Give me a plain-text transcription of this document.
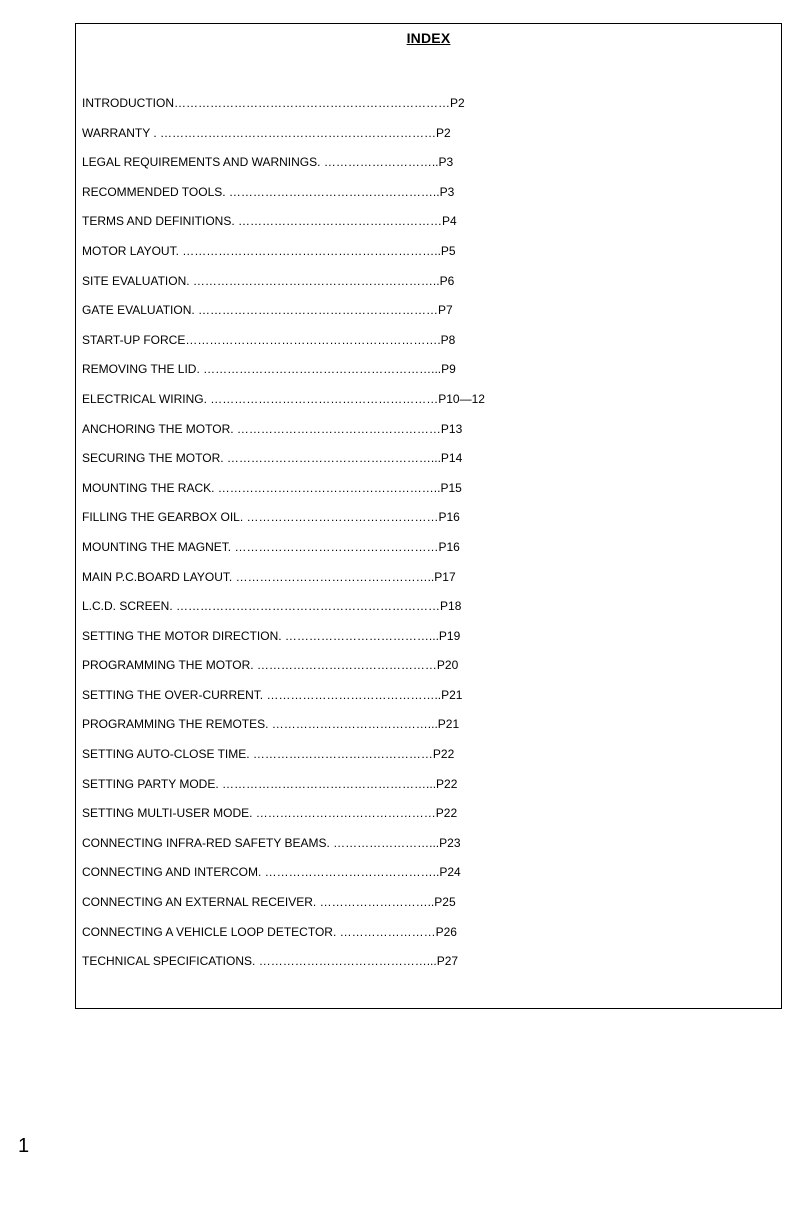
INDEX
INTRODUCTION……………………………………………………………P2
WARRANTY . ……………………………………………………………P2
LEGAL REQUIREMENTS AND WARNINGS. ………………………..P3
RECOMMENDED TOOLS. ……………………………………………..P3
TERMS AND DEFINITIONS. ……………………………………………P4
MOTOR LAYOUT. ………………………………………………………..P5
SITE EVALUATION. ……………………………………………………..P6
GATE EVALUATION. ……………………………………………………P7
START-UP FORCE……………………………………………………….P8
REMOVING THE LID. …………………………………………………...P9
ELECTRICAL WIRING. …………………………………………………P10—12
ANCHORING THE MOTOR. ……………………………………………P13
SECURING THE MOTOR. ……………………………………………...P14
MOUNTING THE RACK. ………………………………………………..P15
FILLING THE GEARBOX OIL. …………………………………………P16
MOUNTING THE MAGNET. ……………………………………………P16
MAIN P.C.BOARD LAYOUT. …………………………………………..P17
L.C.D. SCREEN. …………………………………………………………P18
SETTING THE MOTOR DIRECTION. ………………………………...P19
PROGRAMMING THE MOTOR. ………………………………………P20
SETTING THE OVER-CURRENT. ……………………………………..P21
PROGRAMMING THE REMOTES. …………………………………...P21
SETTING AUTO-CLOSE TIME. ………………………………………P22
SETTING PARTY MODE. ……………………………………………...P22
SETTING MULTI-USER MODE. ………………………………………P22
CONNECTING INFRA-RED SAFETY BEAMS. ……………………...P23
CONNECTING AND INTERCOM. ……………………………………..P24
CONNECTING AN EXTERNAL RECEIVER. ………………………..P25
CONNECTING A VEHICLE LOOP DETECTOR. ……………………P26
TECHNICAL SPECIFICATIONS. ……………………………………...P27
1
